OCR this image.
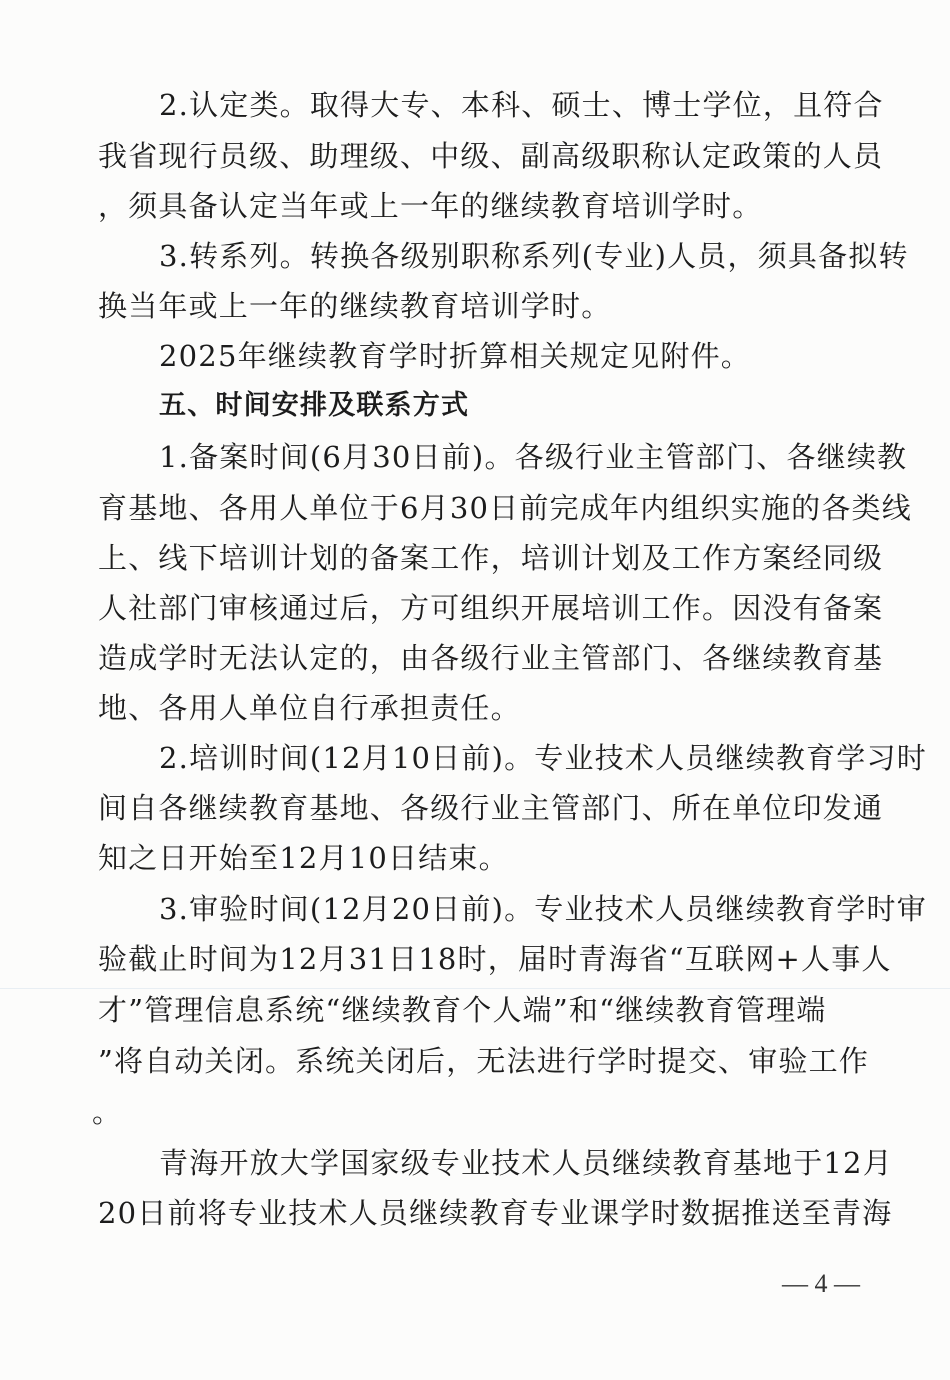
2.认定类。取得大专、本科、硕士、博士学位，且符合
我省现行员级、助理级、中级、副高级职称认定政策的人员
，须具备认定当年或上一年的继续教育培训学时。
3.转系列。转换各级别职称系列(专业)人员，须具备拟转
换当年或上一年的继续教育培训学时。
2025年继续教育学时折算相关规定见附件。
五、时间安排及联系方式
1.备案时间(6月30日前)。各级行业主管部门、各继续教
育基地、各用人单位于6月30日前完成年内组织实施的各类线
上、线下培训计划的备案工作，培训计划及工作方案经同级
人社部门审核通过后，方可组织开展培训工作。因没有备案
造成学时无法认定的，由各级行业主管部门、各继续教育基
地、各用人单位自行承担责任。
2.培训时间(12月10日前)。专业技术人员继续教育学习时
间自各继续教育基地、各级行业主管部门、所在单位印发通
知之日开始至12月10日结束。
3.审验时间(12月20日前)。专业技术人员继续教育学时审
验截止时间为12月31日18时，届时青海省“互联网+人事人
才”管理信息系统“继续教育个人端”和“继续教育管理端
”将自动关闭。系统关闭后，无法进行学时提交、审验工作
。
青海开放大学国家级专业技术人员继续教育基地于12月
20日前将专业技术人员继续教育专业课学时数据推送至青海
— 4 —
